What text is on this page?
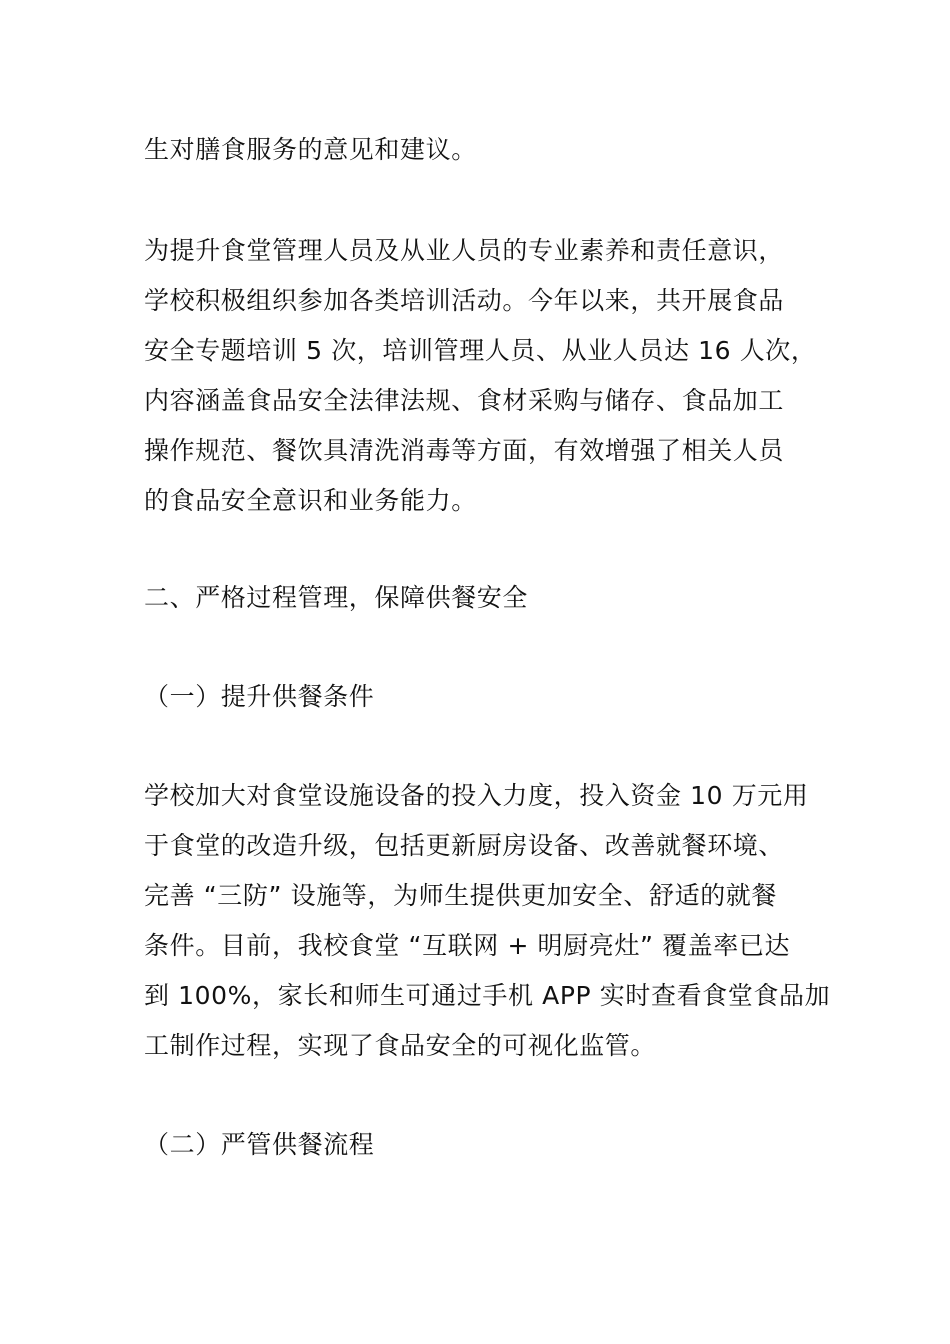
生对膳食服务的意见和建议。
为提升食堂管理人员及从业人员的专业素养和责任意识，
学校积极组织参加各类培训活动。今年以来，共开展食品
安全专题培训 5 次，培训管理人员、从业人员达 16 人次，
内容涵盖食品安全法律法规、食材采购与储存、食品加工
操作规范、餐饮具清洗消毒等方面，有效增强了相关人员
的食品安全意识和业务能力。
二、严格过程管理，保障供餐安全
（一）提升供餐条件
学校加大对食堂设施设备的投入力度，投入资金 10 万元用
于食堂的改造升级，包括更新厨房设备、改善就餐环境、
完善 “三防” 设施等，为师生提供更加安全、舒适的就餐
条件。目前，我校食堂 “互联网 + 明厨亮灶” 覆盖率已达
到 100%，家长和师生可通过手机 APP 实时查看食堂食品加
工制作过程，实现了食品安全的可视化监管。
（二）严管供餐流程
